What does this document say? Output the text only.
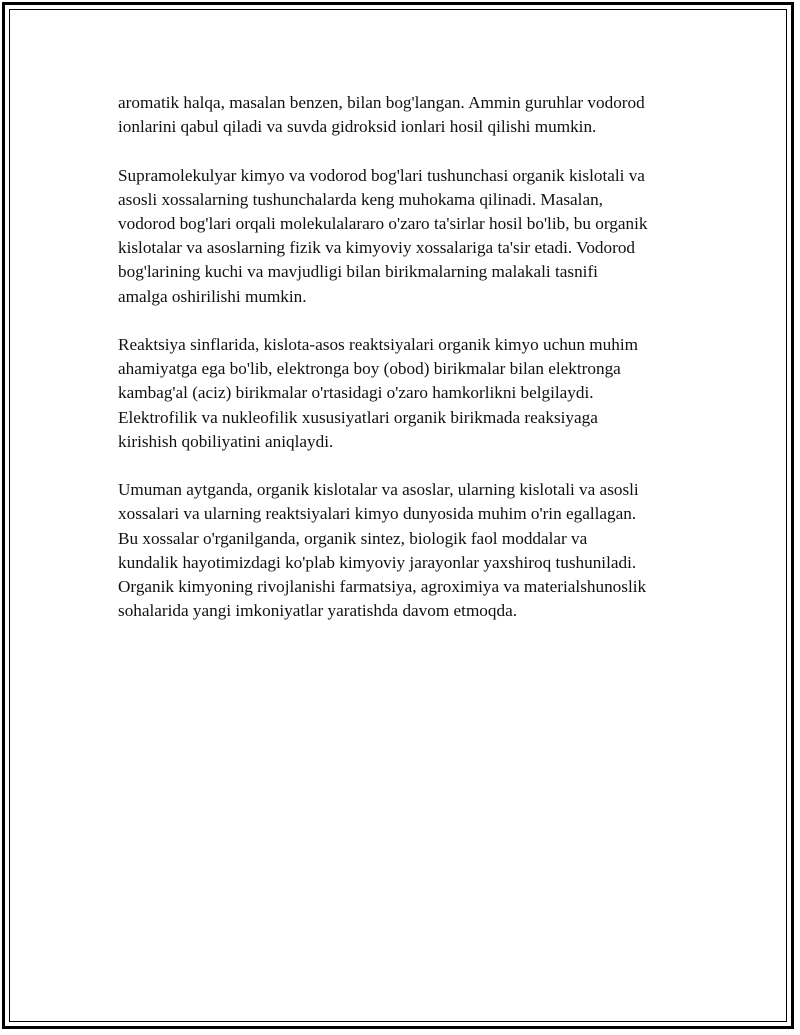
aromatik halqa, masalan benzen, bilan bog'langan. Ammin guruhlar vodorod
ionlarini qabul qiladi va suvda gidroksid ionlari hosil qilishi mumkin.

Supramolekulyar kimyo va vodorod bog'lari tushunchasi organik kislotali va
asosli xossalarning tushunchalarda keng muhokama qilinadi. Masalan,
vodorod bog'lari orqali molekulalararo o'zaro ta'sirlar hosil bo'lib, bu organik
kislotalar va asoslarning fizik va kimyoviy xossalariga ta'sir etadi. Vodorod
bog'larining kuchi va mavjudligi bilan birikmalarning malakali tasnifi
amalga oshirilishi mumkin.

Reaktsiya sinflarida, kislota-asos reaktsiyalari organik kimyo uchun muhim
ahamiyatga ega bo'lib, elektronga boy (obod) birikmalar bilan elektronga
kambag'al (aciz) birikmalar o'rtasidagi o'zaro hamkorlikni belgilaydi.
Elektrofilik va nukleofilik xususiyatlari organik birikmada reaksiyaga
kirishish qobiliyatini aniqlaydi.

Umuman aytganda, organik kislotalar va asoslar, ularning kislotali va asosli
xossalari va ularning reaktsiyalari kimyo dunyosida muhim o'rin egallagan.
Bu xossalar o'rganilganda, organik sintez, biologik faol moddalar va
kundalik hayotimizdagi ko'plab kimyoviy jarayonlar yaxshiroq tushuniladi.
Organik kimyoning rivojlanishi farmatsiya, agroximiya va materialshunoslik
sohalarida yangi imkoniyatlar yaratishda davom etmoqda.
